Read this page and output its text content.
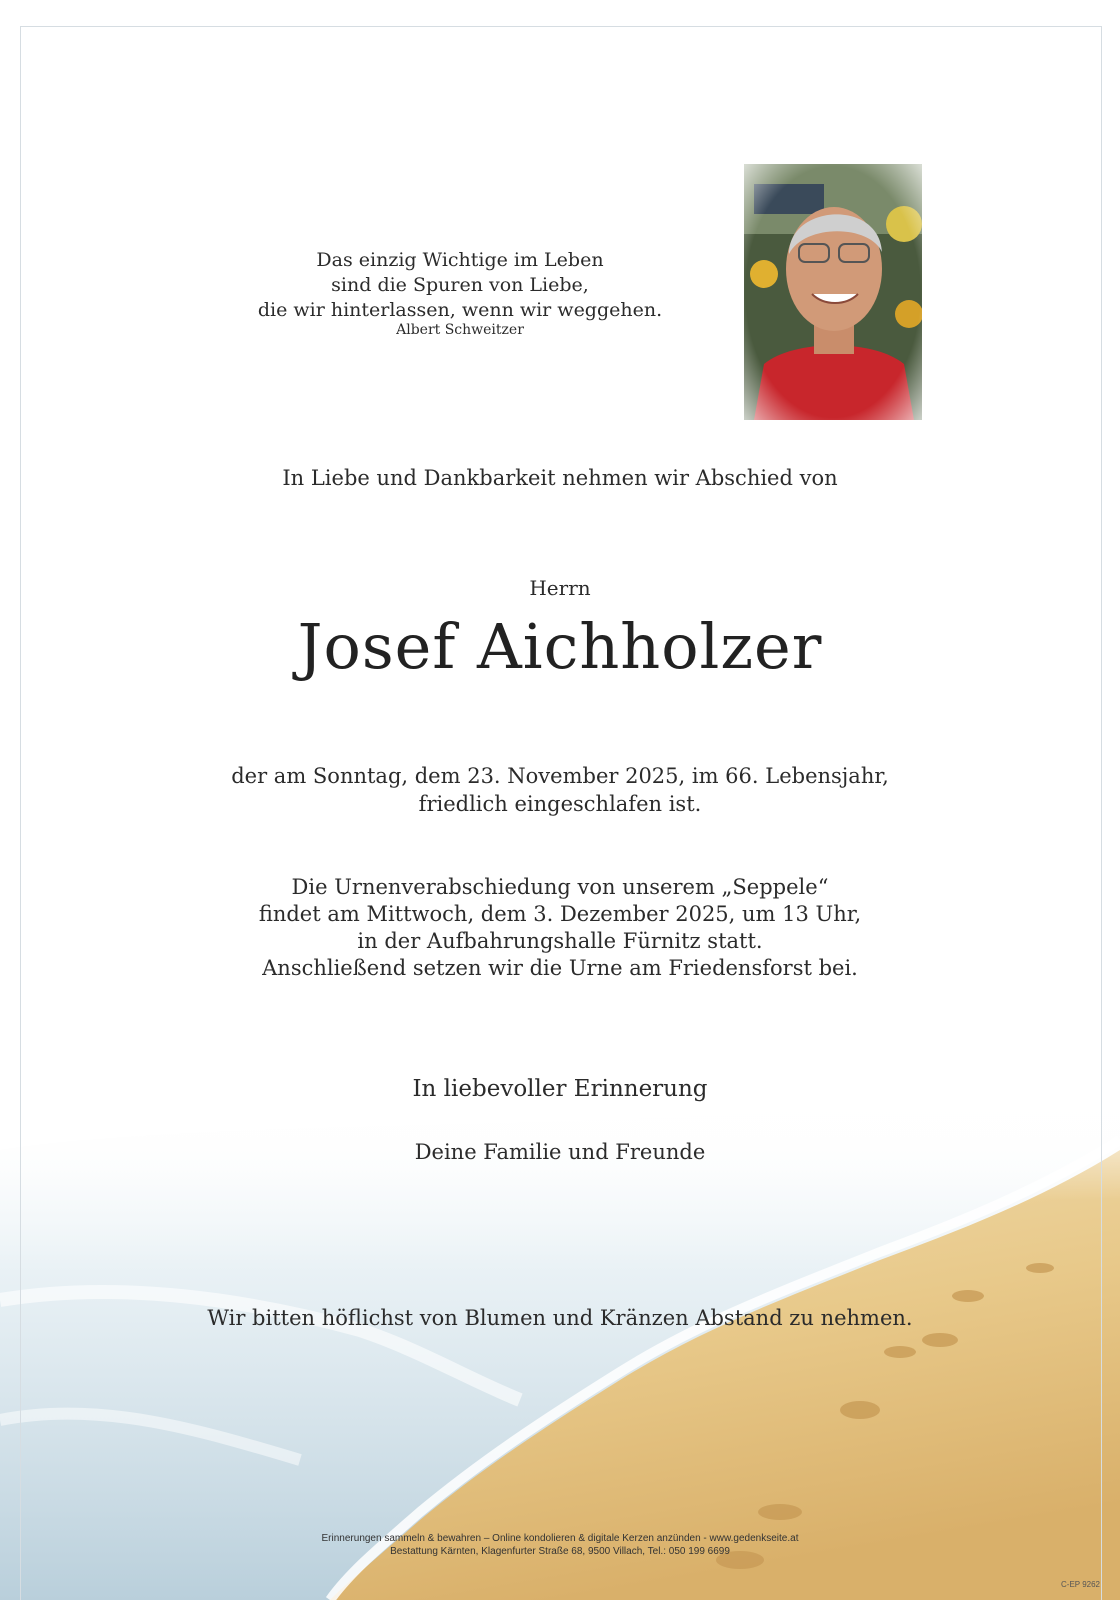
Das einzig Wichtige im Leben
sind die Spuren von Liebe,
die wir hinterlassen, wenn wir weggehen.
Albert Schweitzer
In Liebe und Dankbarkeit nehmen wir Abschied von
Herrn
Josef Aichholzer
der am Sonntag, dem 23. November 2025, im 66. Lebensjahr,
friedlich eingeschlafen ist.
Die Urnenverabschiedung von unserem „Seppele“
findet am Mittwoch, dem 3. Dezember 2025, um 13 Uhr,
in der Aufbahrungshalle Fürnitz statt.
Anschließend setzen wir die Urne am Friedensforst bei.
In liebevoller Erinnerung
Deine Familie und Freunde
Wir bitten höflichst von Blumen und Kränzen Abstand zu nehmen.
Erinnerungen sammeln & bewahren – Online kondolieren & digitale Kerzen anzünden - www.gedenkseite.at
Bestattung Kärnten, Klagenfurter Straße 68, 9500 Villach, Tel.: 050 199 6699
C-EP 9262
